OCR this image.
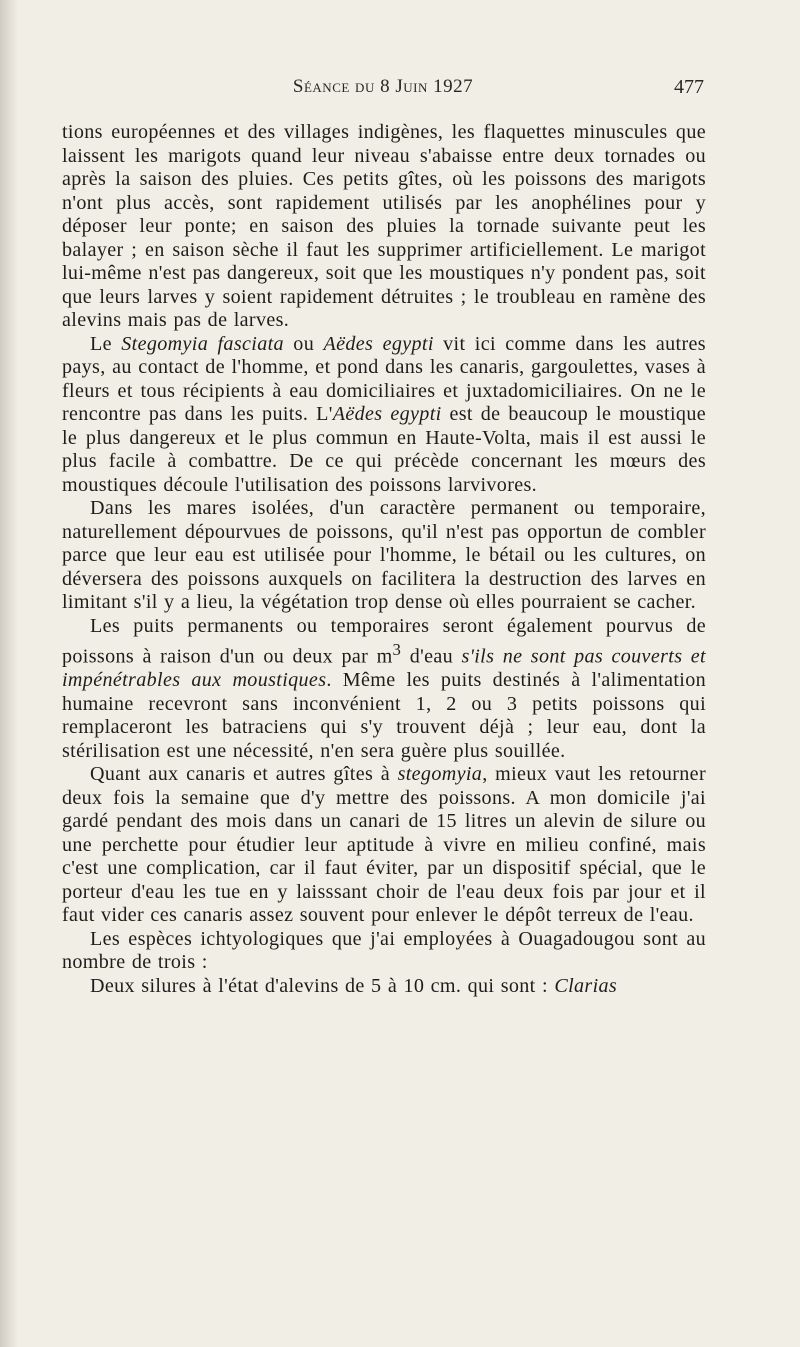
Séance du 8 Juin 1927	477

tions européennes et des villages indigènes, les flaquettes minuscules que laissent les marigots quand leur niveau s'abaisse entre deux tornades ou après la saison des pluies. Ces petits gîtes, où les poissons des marigots n'ont plus accès, sont rapidement utilisés par les anophélines pour y déposer leur ponte; en saison des pluies la tornade suivante peut les balayer ; en saison sèche il faut les supprimer artificiellement. Le marigot lui-même n'est pas dangereux, soit que les moustiques n'y pondent pas, soit que leurs larves y soient rapidement détruites ; le troubleau en ramène des alevins mais pas de larves.

Le Stegomyia fasciata ou Aëdes egypti vit ici comme dans les autres pays, au contact de l'homme, et pond dans les canaris, gargoulettes, vases à fleurs et tous récipients à eau domiciliaires et juxtadomiciliaires. On ne le rencontre pas dans les puits. L'Aëdes egypti est de beaucoup le moustique le plus dangereux et le plus commun en Haute-Volta, mais il est aussi le plus facile à combattre. De ce qui précède concernant les mœurs des moustiques découle l'utilisation des poissons larvivores.

Dans les mares isolées, d'un caractère permanent ou temporaire, naturellement dépourvues de poissons, qu'il n'est pas opportun de combler parce que leur eau est utilisée pour l'homme, le bétail ou les cultures, on déversera des poissons auxquels on facilitera la destruction des larves en limitant s'il y a lieu, la végétation trop dense où elles pourraient se cacher.

Les puits permanents ou temporaires seront également pourvus de poissons à raison d'un ou deux par $m^3$ d'eau s'ils ne sont pas couverts et impénétrables aux moustiques. Même les puits destinés à l'alimentation humaine recevront sans inconvénient 1, 2 ou 3 petits poissons qui remplaceront les batraciens qui s'y trouvent déjà ; leur eau, dont la stérilisation est une nécessité, n'en sera guère plus souillée.

Quant aux canaris et autres gîtes à stegomyia, mieux vaut les retourner deux fois la semaine que d'y mettre des poissons. A mon domicile j'ai gardé pendant des mois dans un canari de 15 litres un alevin de silure ou une perchette pour étudier leur aptitude à vivre en milieu confiné, mais c'est une complication, car il faut éviter, par un dispositif spécial, que le porteur d'eau les tue en y laisssant choir de l'eau deux fois par jour et il faut vider ces canaris assez souvent pour enlever le dépôt terreux de l'eau.

Les espèces ichtyologiques que j'ai employées à Ouagadougou sont au nombre de trois :

Deux silures à l'état d'alevins de 5 à 10 cm. qui sont : Clarias
